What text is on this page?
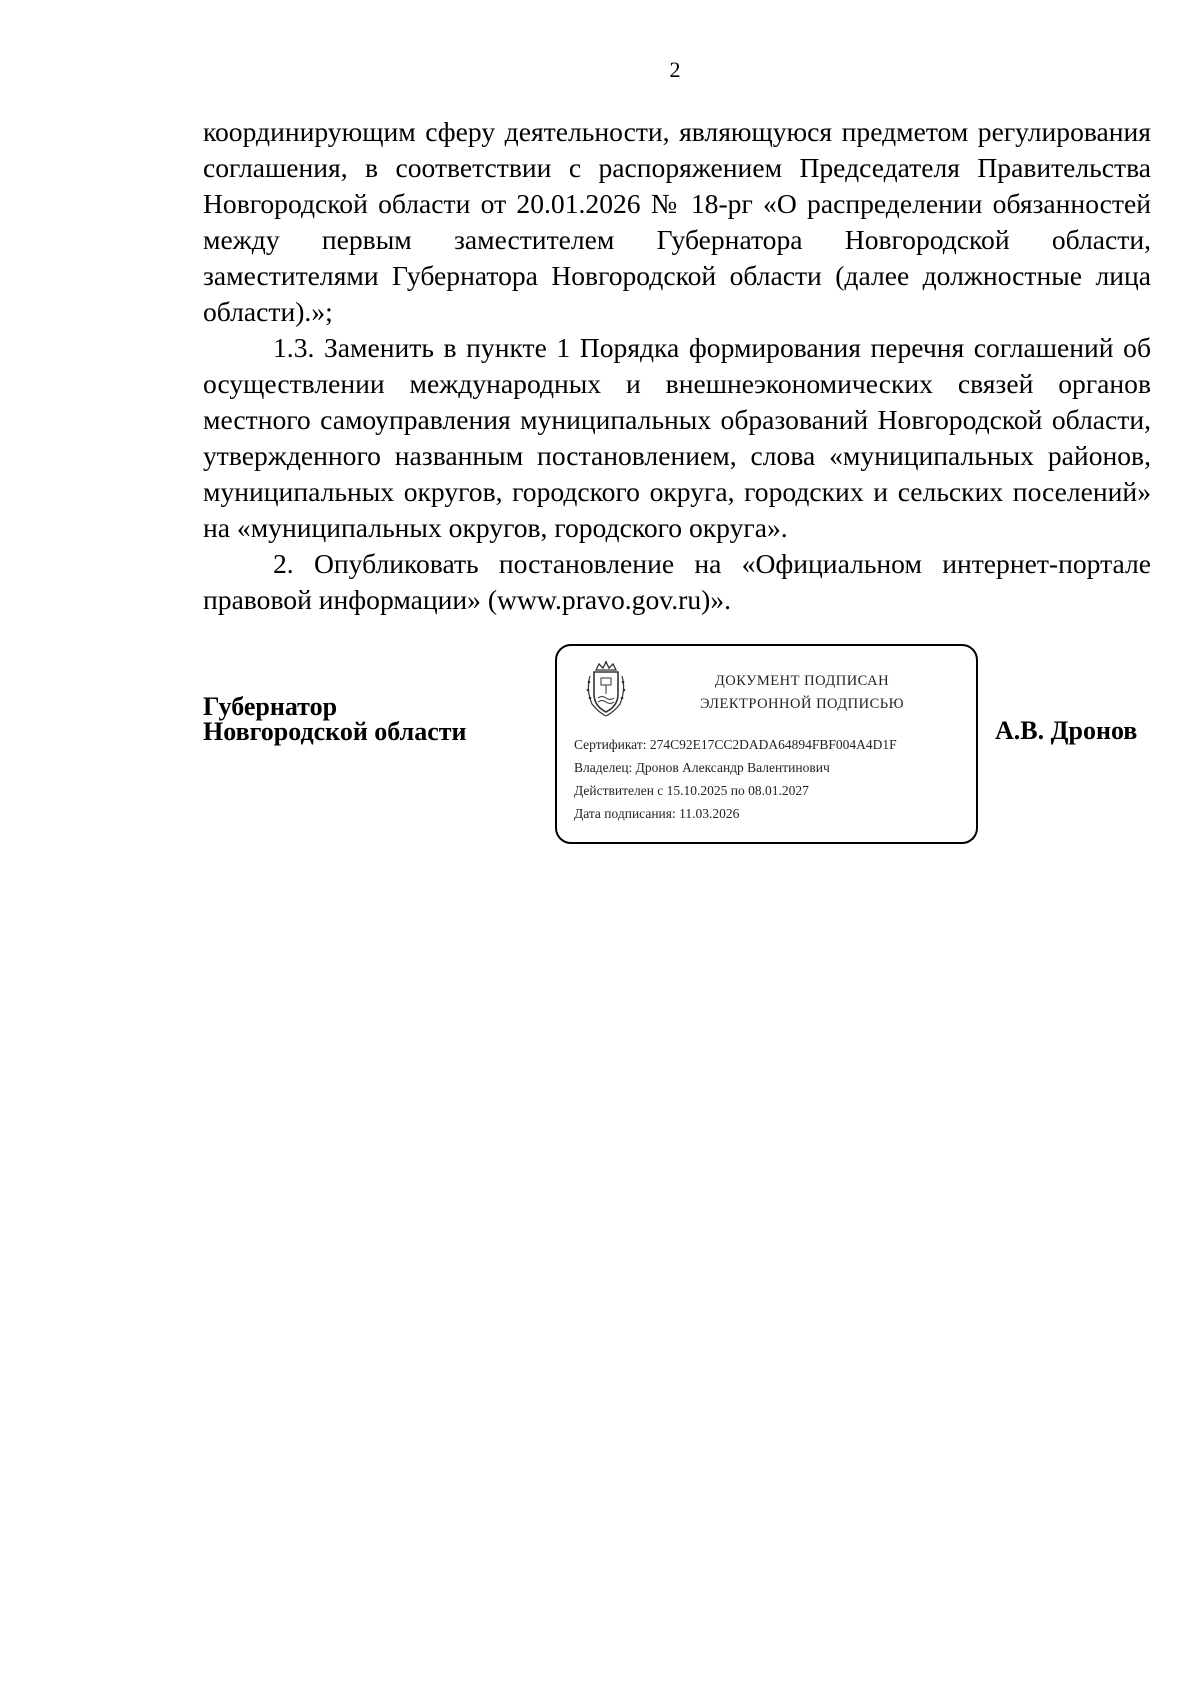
2

координирующим сферу деятельности, являющуюся предметом регулирования соглашения, в соответствии с распоряжением Председателя Правительства Новгородской области от 20.01.2026 № 18-рг «О распределении обязанностей между первым заместителем Губернатора Новгородской области, заместителями Губернатора Новгородской области (далее должностные лица области).»;

1.3. Заменить в пункте 1 Порядка формирования перечня соглашений об осуществлении международных и внешнеэкономических связей органов местного самоуправления муниципальных образований Новгородской области, утвержденного названным постановлением, слова «муниципальных районов, муниципальных округов, городского округа, городских и сельских поселений» на «муниципальных округов, городского округа».

2. Опубликовать постановление на «Официальном интернет-портале правовой информации» (www.pravo.gov.ru)».

Губернатор
Новгородской области	А.В. Дронов
ДОКУМЕНТ ПОДПИСАН
ЭЛЕКТРОННОЙ ПОДПИСЬЮ
Сертификат: 274C92E17CC2DADA64894FBF004A4D1F
Владелец: Дронов Александр Валентинович
Действителен с 15.10.2025 по 08.01.2027
Дата подписания: 11.03.2026
